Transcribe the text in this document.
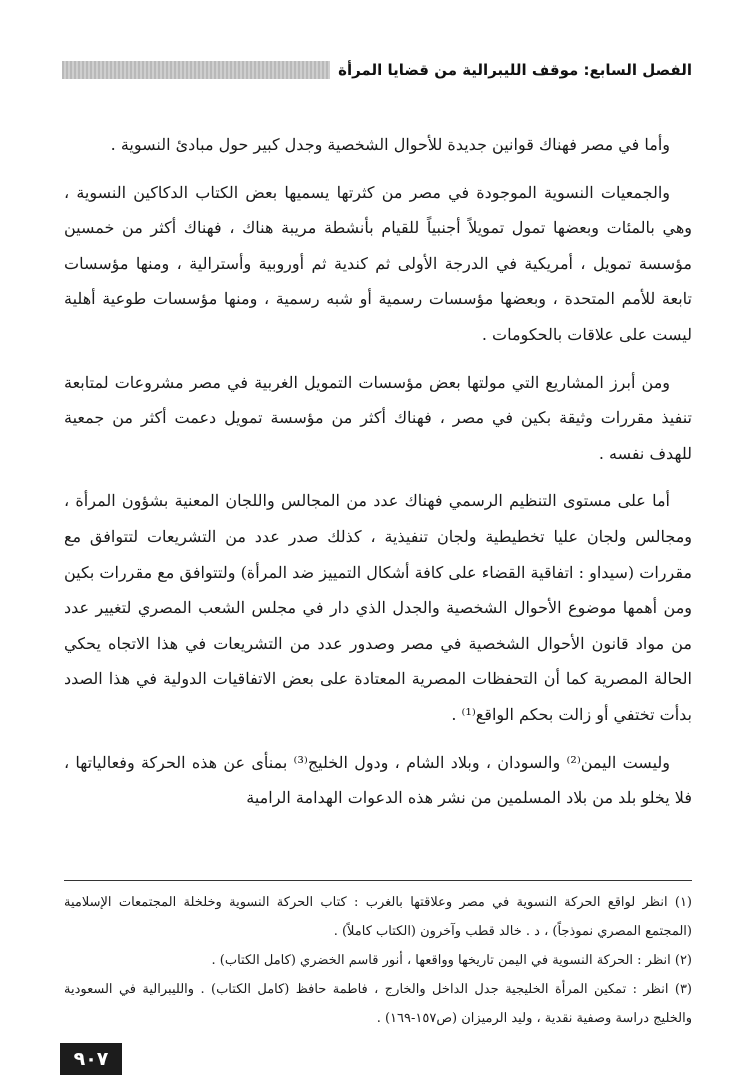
الفصل السابع: موقف الليبرالية من قضايا المرأة

وأما في مصر فهناك قوانين جديدة للأحوال الشخصية وجدل كبير حول مبادئ النسوية .

والجمعيات النسوية الموجودة في مصر من كثرتها يسميها بعض الكتاب الدكاكين النسوية ، وهي بالمئات وبعضها تمول تمويلاً أجنبياً للقيام بأنشطة مريبة هناك ، فهناك أكثر من خمسين مؤسسة تمويل ، أمريكية في الدرجة الأولى ثم كندية ثم أوروبية وأسترالية ، ومنها مؤسسات تابعة للأمم المتحدة ، وبعضها مؤسسات رسمية أو شبه رسمية ، ومنها مؤسسات طوعية أهلية ليست على علاقات بالحكومات .

ومن أبرز المشاريع التي مولتها بعض مؤسسات التمويل الغربية في مصر مشروعات لمتابعة تنفيذ مقررات وثيقة بكين في مصر ، فهناك أكثر من مؤسسة تمويل دعمت أكثر من جمعية للهدف نفسه .

أما على مستوى التنظيم الرسمي فهناك عدد من المجالس واللجان المعنية بشؤون المرأة ، ومجالس ولجان عليا تخطيطية ولجان تنفيذية ، كذلك صدر عدد من التشريعات لتتوافق مع مقررات (سيداو : اتفاقية القضاء على كافة أشكال التمييز ضد المرأة) ولتتوافق مع مقررات بكين ومن أهمها موضوع الأحوال الشخصية والجدل الذي دار في مجلس الشعب المصري لتغيير عدد من مواد قانون الأحوال الشخصية في مصر وصدور عدد من التشريعات في هذا الاتجاه يحكي الحالة المصرية كما أن التحفظات المصرية المعتادة على بعض الاتفاقيات الدولية في هذا الصدد بدأت تختفي أو زالت بحكم الواقع⁽¹⁾ .

وليست اليمن⁽²⁾ والسودان ، وبلاد الشام ، ودول الخليج⁽³⁾ بمنأى عن هذه الحركة وفعالياتها ، فلا يخلو بلد من بلاد المسلمين من نشر هذه الدعوات الهدامة الرامية

(١) انظر لواقع الحركة النسوية في مصر وعلاقتها بالغرب : كتاب الحركة النسوية وخلخلة المجتمعات الإسلامية (المجتمع المصري نموذجاً) ، د . خالد قطب وآخرون (الكتاب كاملاً) .

(٢) انظر : الحركة النسوية في اليمن تاريخها وواقعها ، أنور قاسم الخضري (كامل الكتاب) .

(٣) انظر : تمكين المرأة الخليجية جدل الداخل والخارج ، فاطمة حافظ (كامل الكتاب) . والليبرالية في السعودية والخليج دراسة وصفية نقدية ، وليد الرميزان (ص١٥٧-١٦٩) .

٩٠٧
